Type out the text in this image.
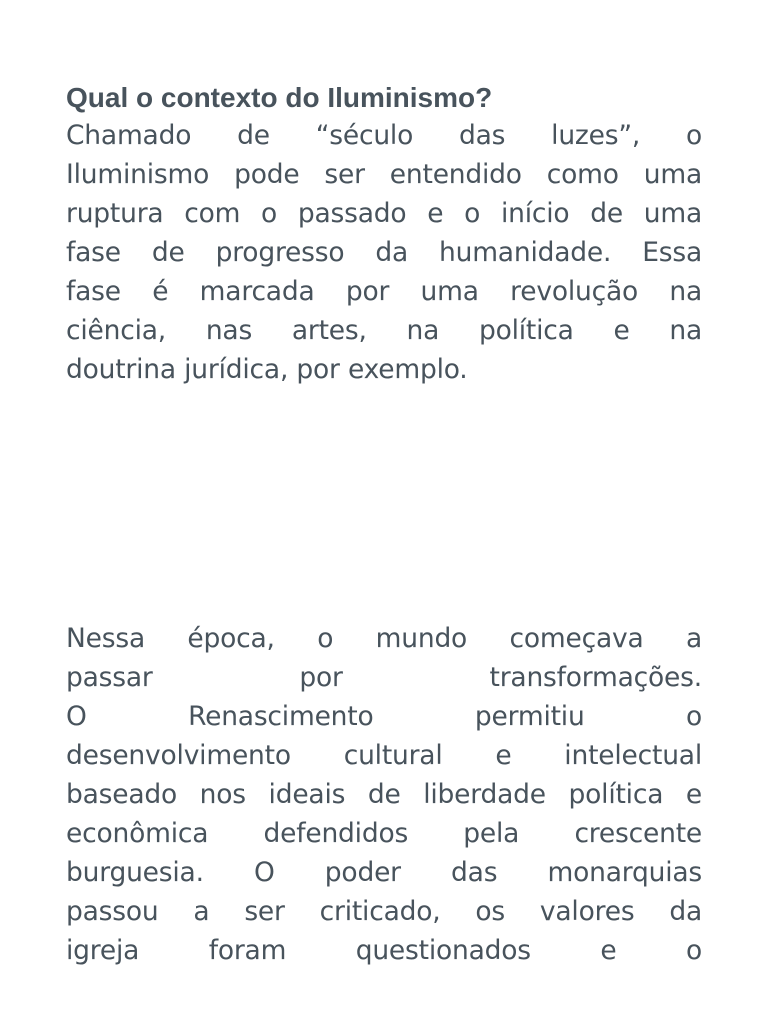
Qual o contexto do Iluminismo?

Chamado de “século das luzes”, o
Iluminismo pode ser entendido como uma
ruptura com o passado e o início de uma
fase de progresso da humanidade. Essa
fase é marcada por uma revolução na
ciência, nas artes, na política e na
doutrina jurídica, por exemplo.

Nessa época, o mundo começava a
passar por transformações.
O Renascimento permitiu o
desenvolvimento cultural e intelectual
baseado nos ideais de liberdade política e
econômica defendidos pela crescente
burguesia. O poder das monarquias
passou a ser criticado, os valores da
igreja foram questionados e o
